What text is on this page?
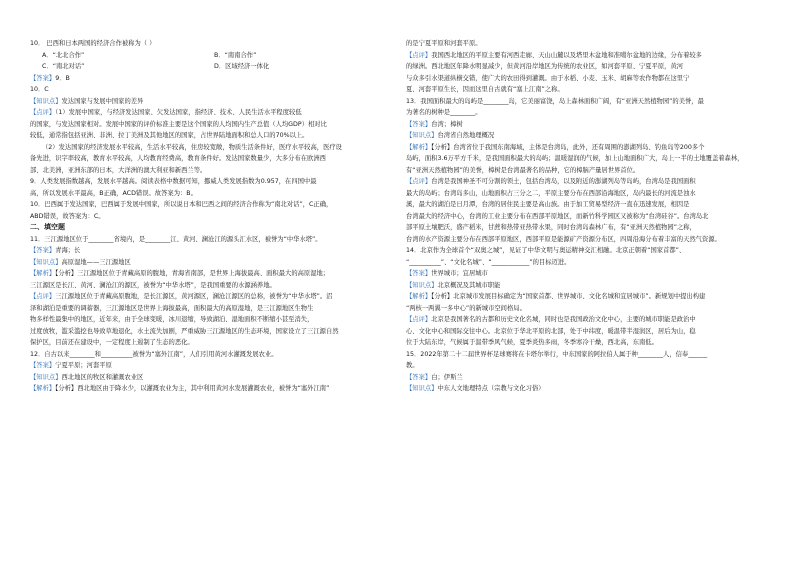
10． 巴西和日本两国的经济合作被称为（ ）
A．“北北合作”	B．“南南合作”
C．“南北对话”	D．区域经济一体化
【答案】9．B
10．C
【知识点】发达国家与发展中国家的差异
【点评】（1）发展中国家，与经济发达国家、欠发达国家，指经济、技术、人民生活水平程度较低
的国家，与发达国家相对。发展中国家的评价标准主要是这个国家的人均国内生产总值（人均GDP）相对比
较低，通常指包括亚洲、非洲、拉丁美洲及其他地区的国家，占世界陆地面积和总人口的70%以上。
（2）发达国家的经济发展水平较高，生活水平较高，住房较宽敞，物质生活条件好，医疗水平较高，医疗设
备先进，识字率较高，教育水平较高，人均教育经费高，教育条件好。发达国家数量少，大多分布在欧洲西
部、北美洲，亚洲东部的日本，大洋洲的澳大利亚和新西兰等。
9．人类发展指数越高，发展水平越高。阅读表格中数据可知，挪威人类发展指数为0.957，在四国中最
高，所以发展水平最高，B正确，ACD错误。故答案为：B。
10．巴西属于发达国家，巴西属于发展中国家，所以说日本和巴西之间的经济合作称为“南北对话”，C正确，
ABD错误，故答案为：C。
二、填空题
11．三江源地区位于________省境内，是________江、黄河、澜沧江的源头汇水区，被誉为“中华水塔”。
【答案】青海；长
【知识点】高原湿地——三江源地区
【解析】【分析】三江源地区位于青藏高原的腹地，青海省南部，是世界上海拔最高、面积最大的高原湿地；
三江源区是长江、黄河、澜沧江的源区，被誉为“中华水塔”，是我国重要的水源涵养地。
【点评】三江源地区位于青藏高原腹地，是长江源区，黄河源区，澜沧江源区的总称，被誉为“中华水塔”。沼
泽和湖泊是重要的调蓄器，三江源地区是世界上海拔最高，面积最大的高原湿地，是三江源地区生物生
物多样性最集中的地区，近年来，由于全球变暖，冰川退缩，导致湖泊、湿地面积不断缩小甚至消失，
过度放牧，滥采滥挖也导致草地退化，水土流失加剧，严重威胁三江源地区的生态环境，国家设立了三江源自然
保护区，目前还在建设中，一定程度上遏制了生态的恶化。
12．自古以来________和__________被誉为“塞外江南”，人们引用黄河水灌溉发展农业。
【答案】宁夏平原；河套平原
【知识点】西北地区的牧区和灌溉农业区
【解析】【分析】西北地区由于降水少，以灌溉农业为主，其中利用黄河水发展灌溉农业，被誉为“塞外江南”
的是宁夏平原和河套平原。
【点评】我国西北地区的平原主要有河西走廊、天山山麓以及塔里木盆地和准噶尔盆地的边缘，分布着较多
的绿洲。西北地区年降水明显减少，但黄河沿岸地区为传统的农业区，如河套平原、宁夏平原，黄河
与众多引水渠道纵横交错，使广大的农田得到灌溉。由于水稻、小麦、玉米、胡麻等农作物都在这里宁
夏、河套平原生长，因而这里自古就有“塞上江南”之称。
13．我国面积最大的岛屿是________岛，它美丽富饶，岛上森林面积广阔，有“亚洲天然植物园”的美誉，最
为著名的树种是________。
【答案】台湾；樟树
【知识点】台湾省自然地理概况
【解析】【分析】台湾省位于我国东南海域，主体是台湾岛，此外，还有周围的澎湖列岛、钓鱼岛等200多个
岛屿，面积3.6万平方千米，是我国面积最大的岛屿；温暖湿润的气候，加上山地面积广大，岛上一半的土地覆盖着森林，
有“亚洲天然植物园”的美誉，樟树是台湾最著名的品种，它的樟脑产量居世界首位。
【点评】台湾是我国神圣不可分割的领土，包括台湾岛，以及附近的澎湖列岛等岛屿，台湾岛是我国面积
最大的岛屿；台湾岛多山，山地面积占三分之二，平原主要分布在西部沿海地区，岛内最长的河流是浊水
溪，最大的湖泊是日月潭，台湾的居住民主要是高山族。由于加工贸易型经济一直在迅速发展，相因是
台湾最大的经济中心，台湾的工业主要分布在西部平原地区，而新竹科学园区又被称为“台湾硅谷”。台湾岛北
部平原土壤肥沃，盛产稻米，甘蔗和热带亚热带水果，同时台湾岛森林广布，有“亚洲天然植物园”之称，
台湾的水产资源主要分布在西部平原地区，西部平原是能源矿产资源分布区，四周沿海分布着丰富的天然气资源。
14．北京作为全球首个“双奥之城”，见证了中华文明与奥运精神交汇相融。北京正朝着“国家首都”、
“__________”、“文化名城”、“____________”的目标迈进。
【答案】世界城市；宜居城市
【知识点】北京概况及其城市职能
【解析】【分析】北京城市发展目标确定为“国家首都、世界城市、文化名城和宜居城市”。新规划中提出构建
“两核一两翼一多中心”的新城市空间格局。
【点评】北京是我国著名的古都和历史文化名城，同时也是我国政治文化中心，主要的城市职能是政治中
心、文化中心和国际交往中心。北京位于华北平原的北部，处于中纬度，暖温带半湿润区，居后为山，稳
位于大陆东岸，气候属于温带季风气候，夏季炎热多雨，冬季寒冷干燥，西北高，东南低。
15．2022年第二十二届世界杯足球赛将在卡塔尔举行，中东国家的阿拉伯人属于种________人，信奉______
教。
【答案】白；伊斯兰
【知识点】中东人文地理特点（宗教与文化习俗）
